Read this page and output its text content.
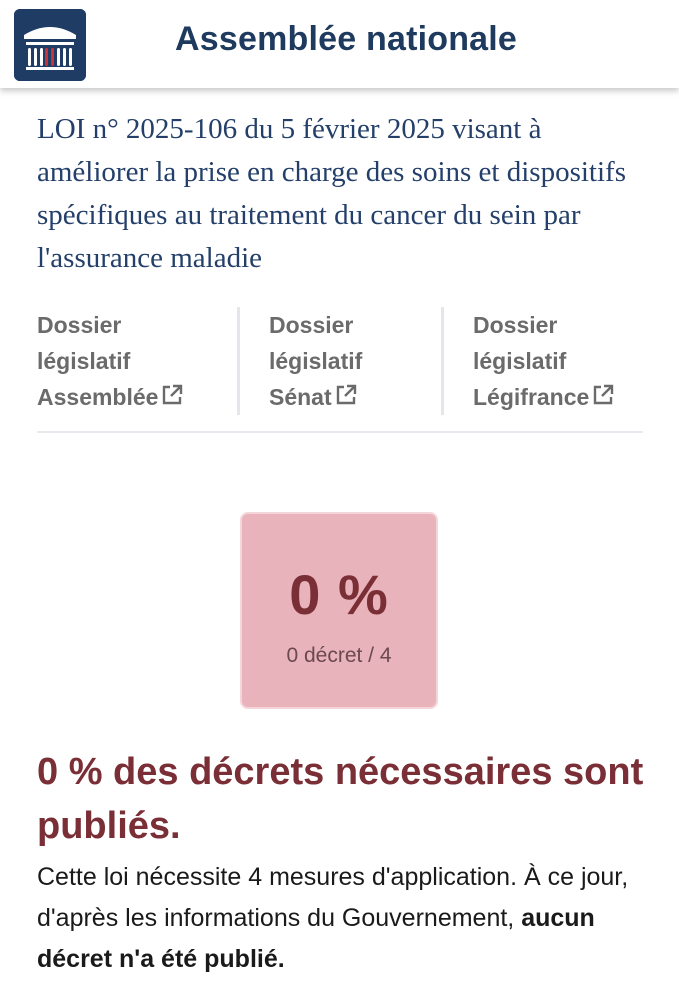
Assemblée nationale
LOI n° 2025-106 du 5 février 2025 visant à améliorer la prise en charge des soins et dispositifs spécifiques au traitement du cancer du sein par l'assurance maladie
Dossier
législatif
Assemblée
Dossier
législatif
Sénat
Dossier
législatif
Légifrance
0 %
0 décret / 4
0 % des décrets nécessaires sont publiés.
Cette loi nécessite 4 mesures d'application. À ce jour, d'après les informations du Gouvernement, aucun décret n'a été publié.
